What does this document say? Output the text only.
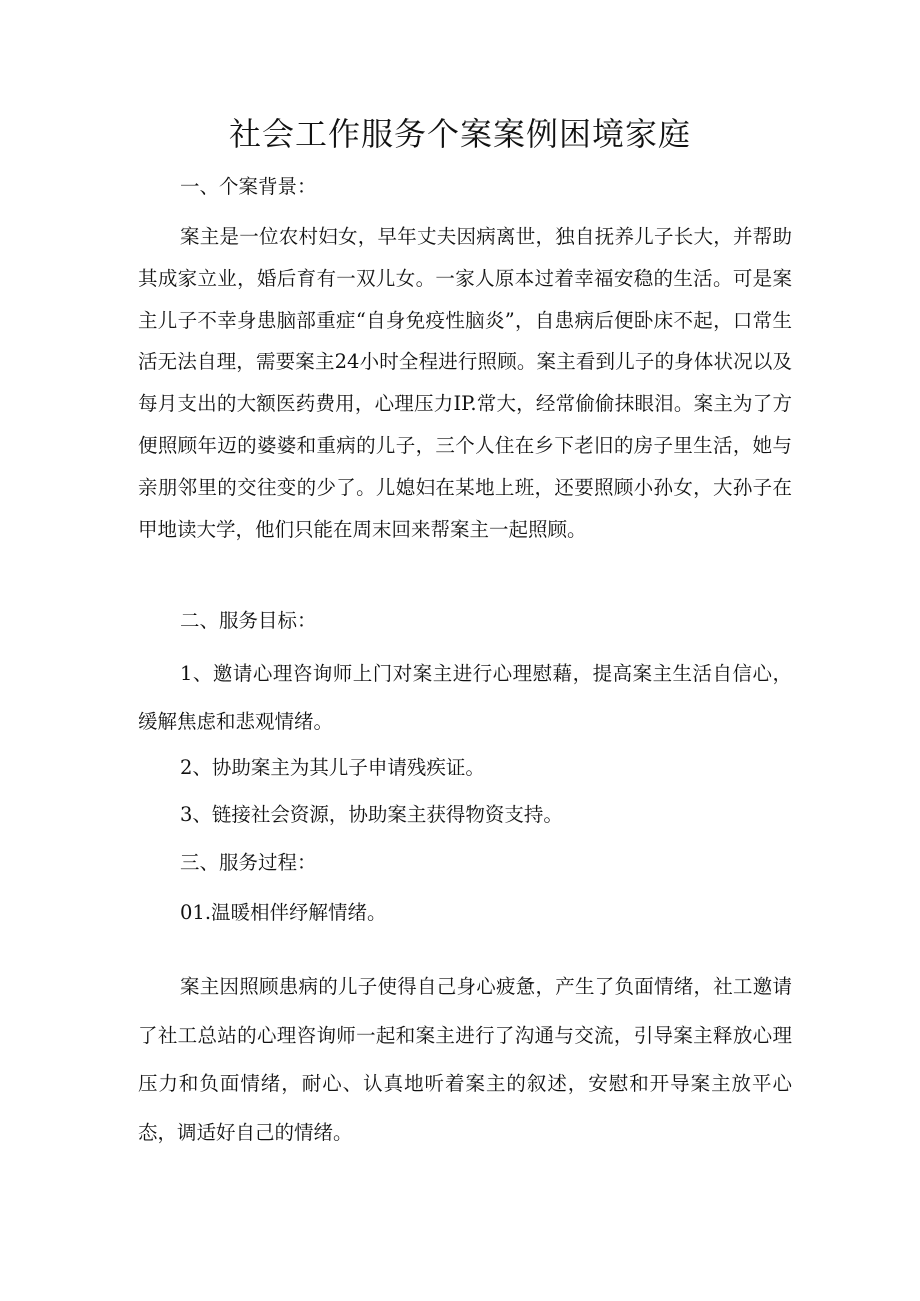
社会工作服务个案案例困境家庭
一、个案背景：
案主是一位农村妇女，早年丈夫因病离世，独自抚养儿子长大，并帮助其成家立业，婚后育有一双儿女。一家人原本过着幸福安稳的生活。可是案主儿子不幸身患脑部重症“自身免疫性脑炎”，自患病后便卧床不起，口常生活无法自理，需要案主24小时全程进行照顾。案主看到儿子的身体状况以及每月支出的大额医药费用，心理压力IP.常大，经常偷偷抹眼泪。案主为了方便照顾年迈的婆婆和重病的儿子，三个人住在乡下老旧的房子里生活，她与亲朋邻里的交往变的少了。儿媳妇在某地上班，还要照顾小孙女，大孙子在甲地读大学，他们只能在周末回来帮案主一起照顾。
二、服务目标：
1、邀请心理咨询师上门对案主进行心理慰藉，提高案主生活自信心，缓解焦虑和悲观情绪。
2、协助案主为其儿子申请残疾证。
3、链接社会资源，协助案主获得物资支持。
三、服务过程：
01.温暖相伴纾解情绪。
案主因照顾患病的儿子使得自己身心疲惫，产生了负面情绪，社工邀请了社工总站的心理咨询师一起和案主进行了沟通与交流，引导案主释放心理压力和负面情绪，耐心、认真地听着案主的叙述，安慰和开导案主放平心态，调适好自己的情绪。
